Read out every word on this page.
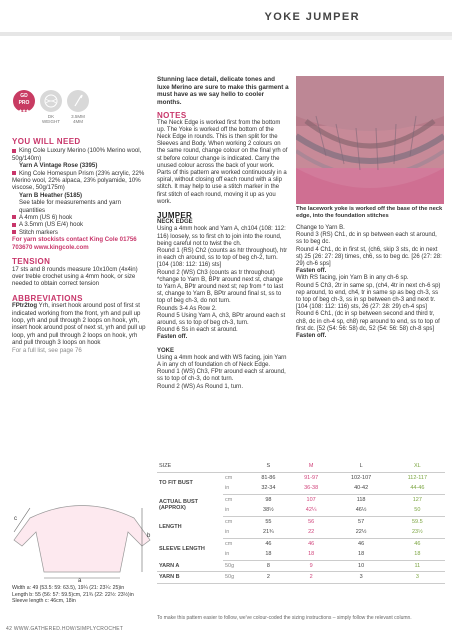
YOKE JUMPER
GD
PRO
★★★
DK
WEIGHT
3.5MM
4MM
YOU WILL NEED
King Cole Luxury Merino (100% Merino wool, 50g/140m)
Yarn A Vintage Rose (3395)
King Cole Homespun Prism (23% acrylic, 22% Merino wool, 22% alpaca, 23% polyamide, 10% viscose, 50g/175m)
Yarn B Heather (5185)
See table for measurements and yarn quantities
A 4mm (US 6) hook
A 3.5mm (US E/4) hook
Stitch markers
For yarn stockists contact King Cole 01756 703670 www.kingcole.com
TENSION
17 sts and 8 rounds measure 10x10cm (4x4in) over treble crochet using a 4mm hook, or size needed to obtain correct tension
ABBREVIATIONS
FPtr2tog Yrh, insert hook around post of first st indicated working from the front, yrh and pull up loop, yrh and pull through 2 loops on hook, yrh, insert hook around post of next st, yrh and pull up loop, yrh and pull through 2 loops on hook, yrh and pull through 3 loops on hook
For a full list, see page 76
Stunning lace detail, delicate tones and luxe Merino are sure to make this garment a must have as we say hello to cooler months.
NOTES
The Neck Edge is worked first from the bottom up. The Yoke is worked off the bottom of the Neck Edge in rounds. This is then split for the Sleeves and Body. When working 2 colours on the same round, change colour on the final yrh of st before colour change is indicated. Carry the unused colour across the back of your work. Parts of this pattern are worked continuously in a spiral, without closing off each round with a slip stitch. It may help to use a stitch marker in the first stitch of each round, moving it up as you work.
JUMPER
NECK EDGE
Using a 4mm hook and Yarn A, ch104 (108: 112: 116) loosely, ss to first ch to join into the round, being careful not to twist the ch.
Round 1 (RS) Ch2 (counts as htr throughout), htr in each ch around, ss to top of beg ch-2, turn. [104 (108: 112: 116) sts]
Round 2 (WS) Ch3 (counts as tr throughout) *change to Yarn B, BPtr around next st, change to Yarn A, BPtr around next st; rep from * to last st, change to Yarn B, BPtr around final st, ss to top of beg ch-3, do not turn.
Rounds 3-4 As Row 2.
Round 5 Using Yarn A, ch3, BPtr around each st around, ss to top of beg ch-3, turn.
Round 6 Ss in each st around.
Fasten off.
YOKE
Using a 4mm hook and with WS facing, join Yarn A in any ch of foundation ch of Neck Edge.
Round 1 (WS) Ch3, FPtr around each st around, ss to top of ch-3, do not turn.
Round 2 (WS) As Round 1, turn.
The lacework yoke is worked off the base of the neck edge, into the foundation stitches
Change to Yarn B.
Round 3 (RS) Ch1, dc in sp between each st around, ss to beg dc.
Round 4 Ch1, dc in first st, (ch6, skip 3 sts, dc in next st) 25 (26: 27: 28) times, ch6, ss to beg dc. [26 (27: 28: 29) ch-6 sps]
Fasten off.
With RS facing, join Yarn B in any ch-6 sp.
Round 5 Ch3, 2tr in same sp, (ch4, 4tr in next ch-6 sp) rep around, to end, ch4, tr in same sp as beg ch-3, ss to top of beg ch-3, ss in sp between ch-3 and next tr. [104 (108: 112: 116) sts, 26 (27: 28: 29) ch-4 sps]
Round 6 Ch1, (dc in sp between second and third tr, ch8, dc in ch-4 sp, ch8) rep around to end, ss to top of first dc. [52 (54: 56: 58) dc, 52 (54: 56: 58) ch-8 sps]
Fasten off.
a
b
c
Width a: 49 (53.5: 59: 63.5), 19¼ (21: 23¼: 25)in
Length b: 55 (56: 57: 59.5)cm, 21¾ (22: 22½: 23½)in
Sleeve length c: 46cm, 18in
SIZE		S	M	L	XL
TO FIT BUST	cm	81-86	91-97	102-107	112-117
	in	32-34	36-38	40-42	44-46
ACTUAL BUST (APPROX)	cm	98	107	118	127
	in	38½	42¼	46½	50
LENGTH	cm	55	56	57	59.5
	in	21¾	22	22½	23½
SLEEVE LENGTH	cm	46	46	46	46
	in	18	18	18	18
YARN A	50g	8	9	10	11
YARN B	50g	2	2	3	3
To make this pattern easier to follow, we've colour-coded the sizing instructions – simply follow the relevant column.
42 WWW.GATHERED.HOW/SIMPLYCROCHET
